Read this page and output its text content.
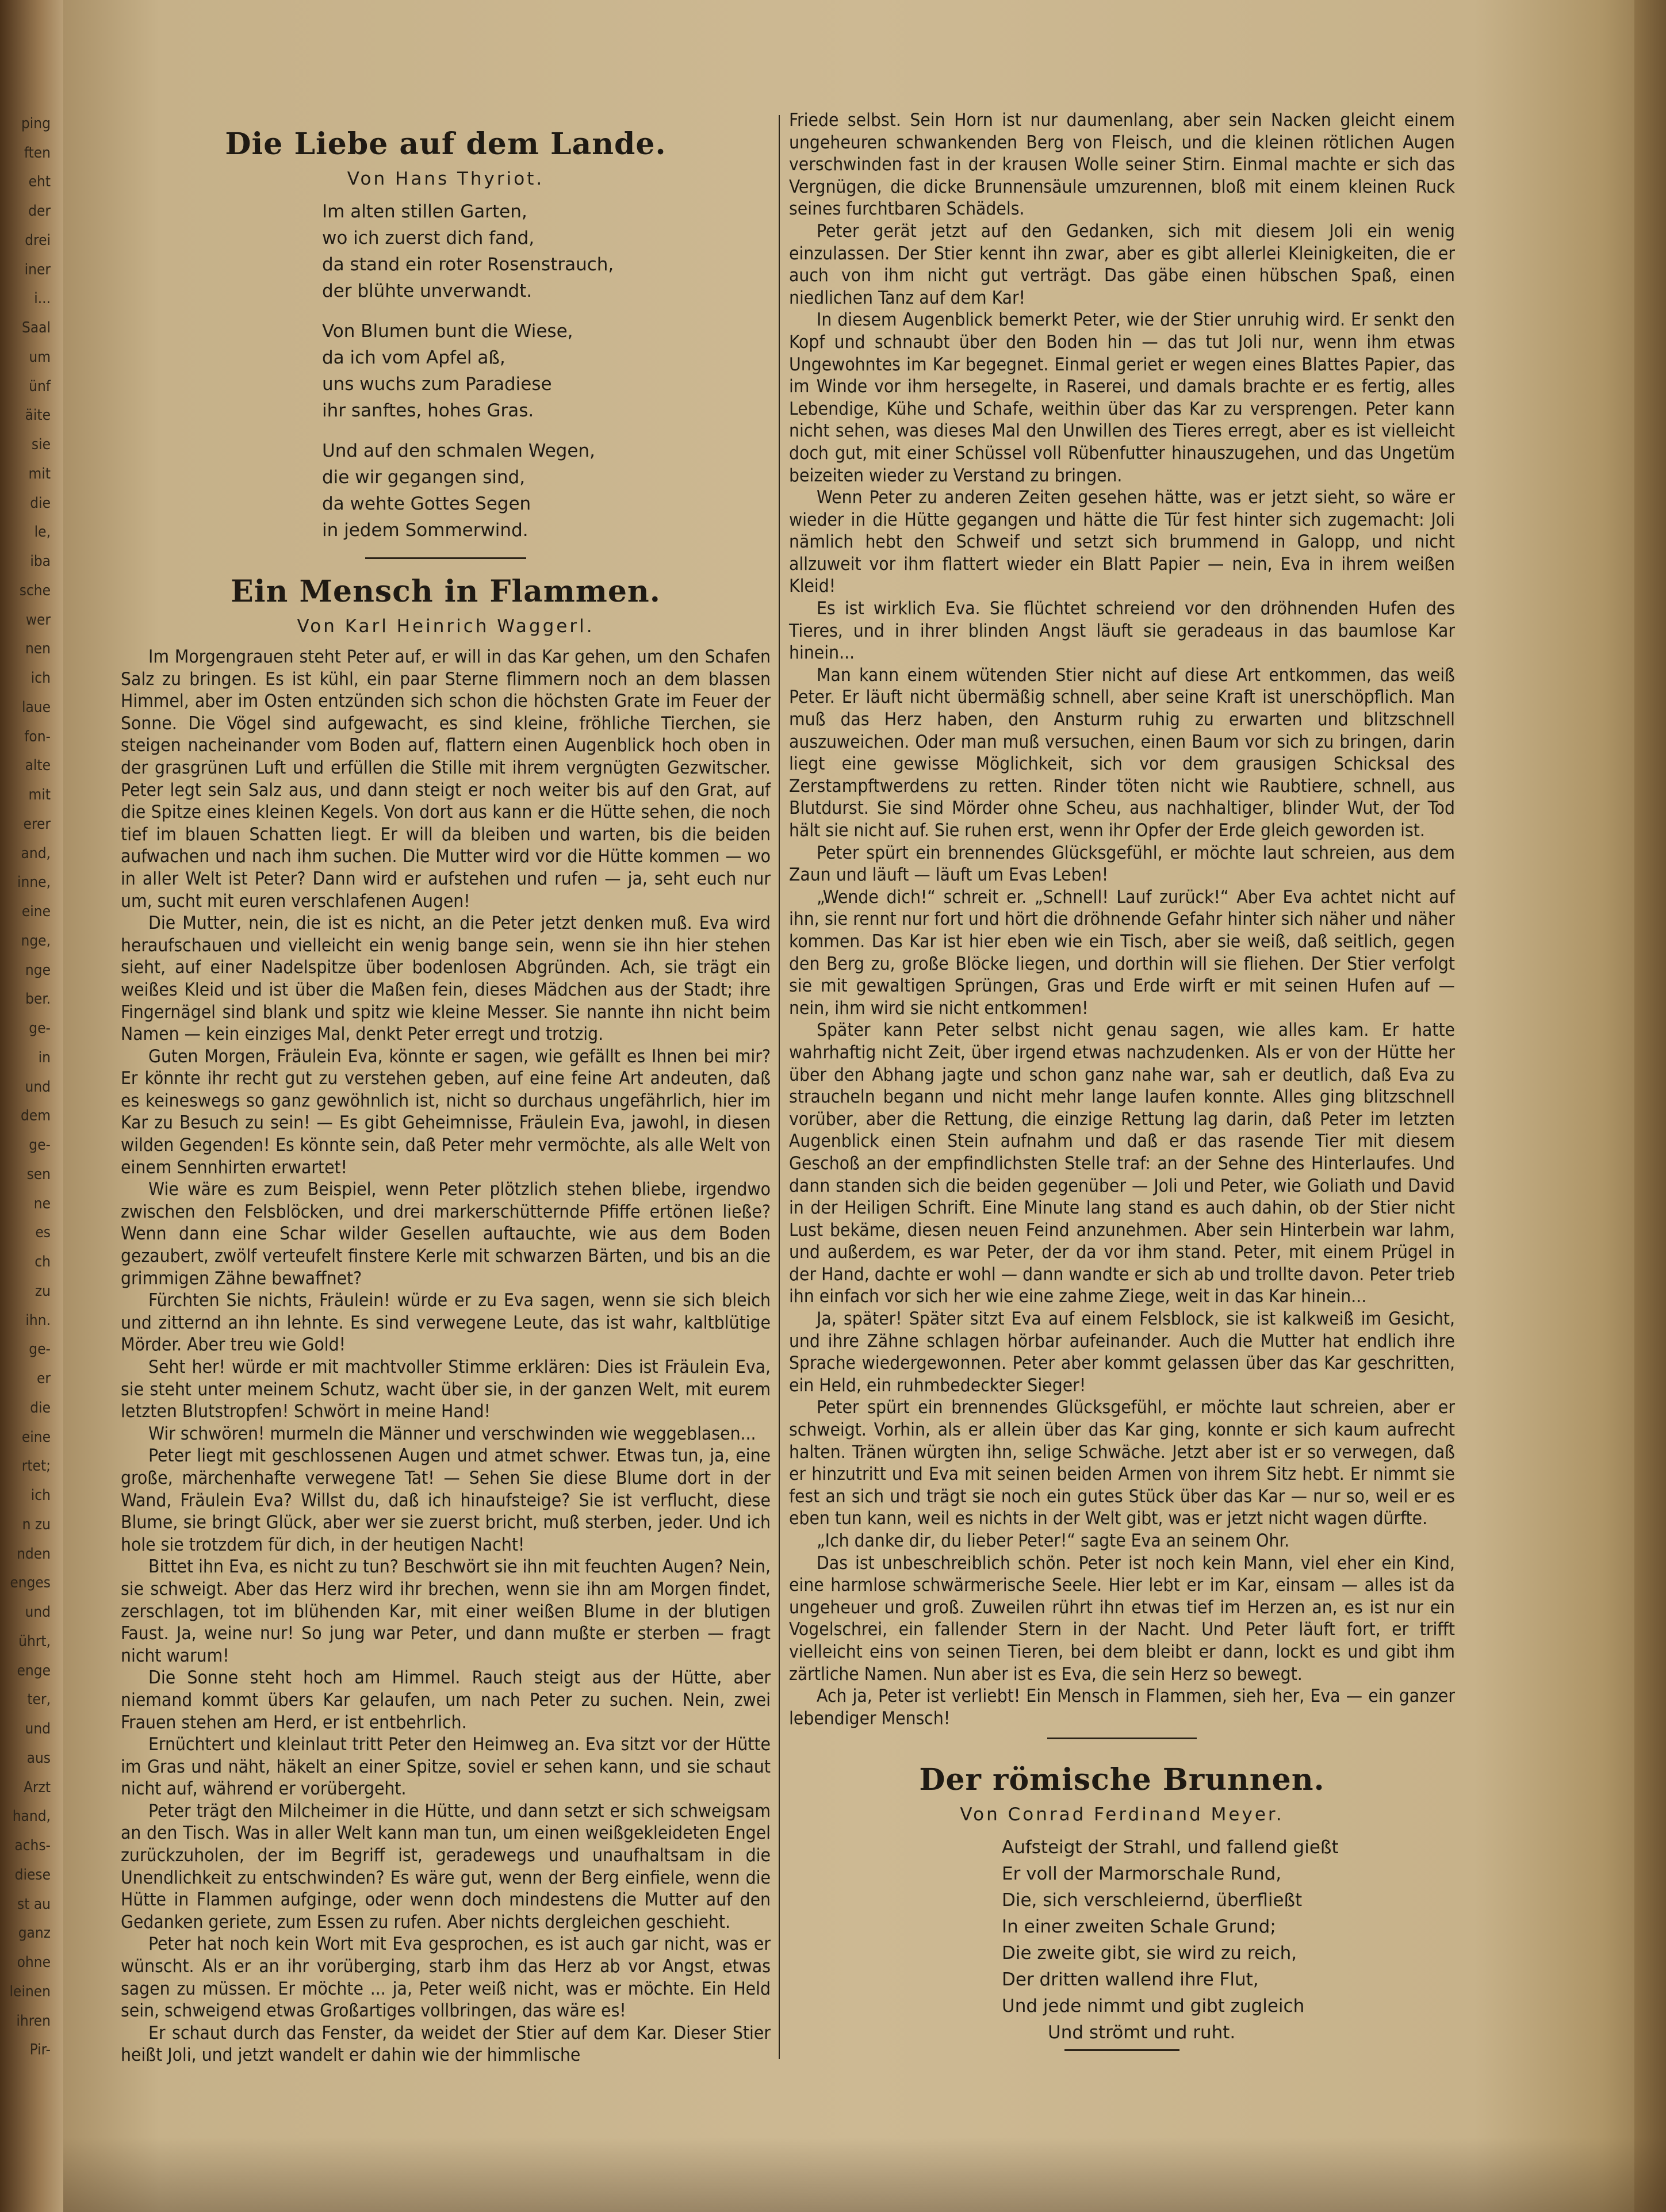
ping
ften
eht
der
drei
iner
i...
Saal
um
ünf
äite
sie
mit
die
le,
iba
sche
wer
nen
ich
laue
fon-
alte
mit
erer
and,
inne,
eine
nge,
nge
ber.
ge-
in
und
dem
ge-
sen
ne
es
ch
zu
ihn.
ge-
er
die
eine
rtet;
ich
n zu
nden
enges
und
ührt,
enge
ter,
und
aus
Arzt
hand,
achs-
diese
st au
ganz
ohne
leinen
ihren
Pir-
Die Liebe auf dem Lande.
Von Hans Thyriot.
Im alten stillen Garten,
wo ich zuerst dich fand,
da stand ein roter Rosenstrauch,
der blühte unverwandt.
Von Blumen bunt die Wiese,
da ich vom Apfel aß,
uns wuchs zum Paradiese
ihr sanftes, hohes Gras.
Und auf den schmalen Wegen,
die wir gegangen sind,
da wehte Gottes Segen
in jedem Sommerwind.
Ein Mensch in Flammen.
Von Karl Heinrich Waggerl.

Im Morgengrauen steht Peter auf, er will in das Kar gehen, um den Schafen Salz zu bringen. Es ist kühl, ein paar Sterne flimmern noch an dem blassen Himmel, aber im Osten entzünden sich schon die höchsten Grate im Feuer der Sonne. Die Vögel sind aufgewacht, es sind kleine, fröhliche Tierchen, sie steigen nacheinander vom Boden auf, flattern einen Augenblick hoch oben in der grasgrünen Luft und erfüllen die Stille mit ihrem vergnügten Gezwitscher. Peter legt sein Salz aus, und dann steigt er noch weiter bis auf den Grat, auf die Spitze eines kleinen Kegels. Von dort aus kann er die Hütte sehen, die noch tief im blauen Schatten liegt. Er will da bleiben und warten, bis die beiden aufwachen und nach ihm suchen. Die Mutter wird vor die Hütte kommen — wo in aller Welt ist Peter? Dann wird er aufstehen und rufen — ja, seht euch nur um, sucht mit euren verschlafenen Augen!

Die Mutter, nein, die ist es nicht, an die Peter jetzt denken muß. Eva wird heraufschauen und vielleicht ein wenig bange sein, wenn sie ihn hier stehen sieht, auf einer Nadelspitze über bodenlosen Abgründen. Ach, sie trägt ein weißes Kleid und ist über die Maßen fein, dieses Mädchen aus der Stadt; ihre Fingernägel sind blank und spitz wie kleine Messer. Sie nannte ihn nicht beim Namen — kein einziges Mal, denkt Peter erregt und trotzig.

Guten Morgen, Fräulein Eva, könnte er sagen, wie gefällt es Ihnen bei mir? Er könnte ihr recht gut zu verstehen geben, auf eine feine Art andeuten, daß es keineswegs so ganz gewöhnlich ist, nicht so durchaus ungefährlich, hier im Kar zu Besuch zu sein! — Es gibt Geheimnisse, Fräulein Eva, jawohl, in diesen wilden Gegenden! Es könnte sein, daß Peter mehr vermöchte, als alle Welt von einem Sennhirten erwartet!

Wie wäre es zum Beispiel, wenn Peter plötzlich stehen bliebe, irgendwo zwischen den Felsblöcken, und drei markerschütternde Pfiffe ertönen ließe? Wenn dann eine Schar wilder Gesellen auftauchte, wie aus dem Boden gezaubert, zwölf verteufelt finstere Kerle mit schwarzen Bärten, und bis an die grimmigen Zähne bewaffnet?

Fürchten Sie nichts, Fräulein! würde er zu Eva sagen, wenn sie sich bleich und zitternd an ihn lehnte. Es sind verwegene Leute, das ist wahr, kaltblütige Mörder. Aber treu wie Gold!

Seht her! würde er mit machtvoller Stimme erklären: Dies ist Fräulein Eva, sie steht unter meinem Schutz, wacht über sie, in der ganzen Welt, mit eurem letzten Blutstropfen! Schwört in meine Hand!

Wir schwören! murmeln die Männer und verschwinden wie weggeblasen...

Peter liegt mit geschlossenen Augen und atmet schwer. Etwas tun, ja, eine große, märchenhafte verwegene Tat! — Sehen Sie diese Blume dort in der Wand, Fräulein Eva? Willst du, daß ich hinaufsteige? Sie ist verflucht, diese Blume, sie bringt Glück, aber wer sie zuerst bricht, muß sterben, jeder. Und ich hole sie trotzdem für dich, in der heutigen Nacht!

Bittet ihn Eva, es nicht zu tun? Beschwört sie ihn mit feuchten Augen? Nein, sie schweigt. Aber das Herz wird ihr brechen, wenn sie ihn am Morgen findet, zerschlagen, tot im blühenden Kar, mit einer weißen Blume in der blutigen Faust. Ja, weine nur! So jung war Peter, und dann mußte er sterben — fragt nicht warum!

Die Sonne steht hoch am Himmel. Rauch steigt aus der Hütte, aber niemand kommt übers Kar gelaufen, um nach Peter zu suchen. Nein, zwei Frauen stehen am Herd, er ist entbehrlich.

Ernüchtert und kleinlaut tritt Peter den Heimweg an. Eva sitzt vor der Hütte im Gras und näht, häkelt an einer Spitze, soviel er sehen kann, und sie schaut nicht auf, während er vorübergeht.

Peter trägt den Milcheimer in die Hütte, und dann setzt er sich schweigsam an den Tisch. Was in aller Welt kann man tun, um einen weißgekleideten Engel zurückzuholen, der im Begriff ist, geradewegs und unaufhaltsam in die Unendlichkeit zu entschwinden? Es wäre gut, wenn der Berg einfiele, wenn die Hütte in Flammen aufginge, oder wenn doch mindestens die Mutter auf den Gedanken geriete, zum Essen zu rufen. Aber nichts dergleichen geschieht.

Peter hat noch kein Wort mit Eva gesprochen, es ist auch gar nicht, was er wünscht. Als er an ihr vorüberging, starb ihm das Herz ab vor Angst, etwas sagen zu müssen. Er möchte ... ja, Peter weiß nicht, was er möchte. Ein Held sein, schweigend etwas Großartiges vollbringen, das wäre es!

Er schaut durch das Fenster, da weidet der Stier auf dem Kar. Dieser Stier heißt Joli, und jetzt wandelt er dahin wie der himmlische

Friede selbst. Sein Horn ist nur daumenlang, aber sein Nacken gleicht einem ungeheuren schwankenden Berg von Fleisch, und die kleinen rötlichen Augen verschwinden fast in der krausen Wolle seiner Stirn. Einmal machte er sich das Vergnügen, die dicke Brunnensäule umzurennen, bloß mit einem kleinen Ruck seines furchtbaren Schädels.

Peter gerät jetzt auf den Gedanken, sich mit diesem Joli ein wenig einzulassen. Der Stier kennt ihn zwar, aber es gibt allerlei Kleinigkeiten, die er auch von ihm nicht gut verträgt. Das gäbe einen hübschen Spaß, einen niedlichen Tanz auf dem Kar!

In diesem Augenblick bemerkt Peter, wie der Stier unruhig wird. Er senkt den Kopf und schnaubt über den Boden hin — das tut Joli nur, wenn ihm etwas Ungewohntes im Kar begegnet. Einmal geriet er wegen eines Blattes Papier, das im Winde vor ihm hersegelte, in Raserei, und damals brachte er es fertig, alles Lebendige, Kühe und Schafe, weithin über das Kar zu versprengen. Peter kann nicht sehen, was dieses Mal den Unwillen des Tieres erregt, aber es ist vielleicht doch gut, mit einer Schüssel voll Rübenfutter hinauszugehen, und das Ungetüm beizeiten wieder zu Verstand zu bringen.

Wenn Peter zu anderen Zeiten gesehen hätte, was er jetzt sieht, so wäre er wieder in die Hütte gegangen und hätte die Tür fest hinter sich zugemacht: Joli nämlich hebt den Schweif und setzt sich brummend in Galopp, und nicht allzuweit vor ihm flattert wieder ein Blatt Papier — nein, Eva in ihrem weißen Kleid!

Es ist wirklich Eva. Sie flüchtet schreiend vor den dröhnenden Hufen des Tieres, und in ihrer blinden Angst läuft sie geradeaus in das baumlose Kar hinein...

Man kann einem wütenden Stier nicht auf diese Art entkommen, das weiß Peter. Er läuft nicht übermäßig schnell, aber seine Kraft ist unerschöpflich. Man muß das Herz haben, den Ansturm ruhig zu erwarten und blitzschnell auszuweichen. Oder man muß versuchen, einen Baum vor sich zu bringen, darin liegt eine gewisse Möglichkeit, sich vor dem grausigen Schicksal des Zerstampftwerdens zu retten. Rinder töten nicht wie Raubtiere, schnell, aus Blutdurst. Sie sind Mörder ohne Scheu, aus nachhaltiger, blinder Wut, der Tod hält sie nicht auf. Sie ruhen erst, wenn ihr Opfer der Erde gleich geworden ist.

Peter spürt ein brennendes Glücksgefühl, er möchte laut schreien, aus dem Zaun und läuft — läuft um Evas Leben!

„Wende dich!“ schreit er. „Schnell! Lauf zurück!“ Aber Eva achtet nicht auf ihn, sie rennt nur fort und hört die dröhnende Gefahr hinter sich näher und näher kommen. Das Kar ist hier eben wie ein Tisch, aber sie weiß, daß seitlich, gegen den Berg zu, große Blöcke liegen, und dorthin will sie fliehen. Der Stier verfolgt sie mit gewaltigen Sprüngen, Gras und Erde wirft er mit seinen Hufen auf — nein, ihm wird sie nicht entkommen!

Später kann Peter selbst nicht genau sagen, wie alles kam. Er hatte wahrhaftig nicht Zeit, über irgend etwas nachzudenken. Als er von der Hütte her über den Abhang jagte und schon ganz nahe war, sah er deutlich, daß Eva zu straucheln begann und nicht mehr lange laufen konnte. Alles ging blitzschnell vorüber, aber die Rettung, die einzige Rettung lag darin, daß Peter im letzten Augenblick einen Stein aufnahm und daß er das rasende Tier mit diesem Geschoß an der empfindlichsten Stelle traf: an der Sehne des Hinterlaufes. Und dann standen sich die beiden gegenüber — Joli und Peter, wie Goliath und David in der Heiligen Schrift. Eine Minute lang stand es auch dahin, ob der Stier nicht Lust bekäme, diesen neuen Feind anzunehmen. Aber sein Hinterbein war lahm, und außerdem, es war Peter, der da vor ihm stand. Peter, mit einem Prügel in der Hand, dachte er wohl — dann wandte er sich ab und trollte davon. Peter trieb ihn einfach vor sich her wie eine zahme Ziege, weit in das Kar hinein...

Ja, später! Später sitzt Eva auf einem Felsblock, sie ist kalkweiß im Gesicht, und ihre Zähne schlagen hörbar aufeinander. Auch die Mutter hat endlich ihre Sprache wiedergewonnen. Peter aber kommt gelassen über das Kar geschritten, ein Held, ein ruhmbedeckter Sieger!

Peter spürt ein brennendes Glücksgefühl, er möchte laut schreien, aber er schweigt. Vorhin, als er allein über das Kar ging, konnte er sich kaum aufrecht halten. Tränen würgten ihn, selige Schwäche. Jetzt aber ist er so verwegen, daß er hinzutritt und Eva mit seinen beiden Armen von ihrem Sitz hebt. Er nimmt sie fest an sich und trägt sie noch ein gutes Stück über das Kar — nur so, weil er es eben tun kann, weil es nichts in der Welt gibt, was er jetzt nicht wagen dürfte.

„Ich danke dir, du lieber Peter!“ sagte Eva an seinem Ohr.

Das ist unbeschreiblich schön. Peter ist noch kein Mann, viel eher ein Kind, eine harmlose schwärmerische Seele. Hier lebt er im Kar, einsam — alles ist da ungeheuer und groß. Zuweilen rührt ihn etwas tief im Herzen an, es ist nur ein Vogelschrei, ein fallender Stern in der Nacht. Und Peter läuft fort, er trifft vielleicht eins von seinen Tieren, bei dem bleibt er dann, lockt es und gibt ihm zärtliche Namen. Nun aber ist es Eva, die sein Herz so bewegt.

Ach ja, Peter ist verliebt! Ein Mensch in Flammen, sieh her, Eva — ein ganzer lebendiger Mensch!

Der römische Brunnen.
Von Conrad Ferdinand Meyer.
Aufsteigt der Strahl, und fallend gießt
Er voll der Marmorschale Rund,
Die, sich verschleiernd, überfließt
In einer zweiten Schale Grund;
Die zweite gibt, sie wird zu reich,
Der dritten wallend ihre Flut,
Und jede nimmt und gibt zugleich
Und strömt und ruht.
